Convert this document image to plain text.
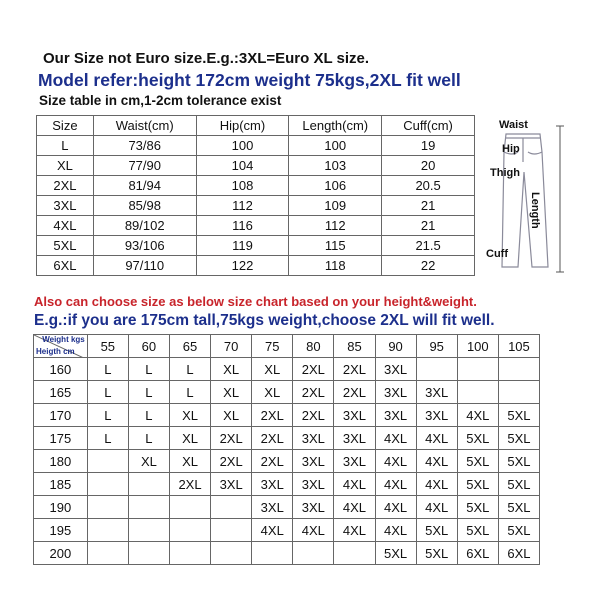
Our Size not Euro size.E.g.:3XL=Euro XL size.
Model refer:height 172cm weight 75kgs,2XL fit well
Size table in cm,1-2cm tolerance exist
Size	Waist(cm)	Hip(cm)	Length(cm)	Cuff(cm)
L	73/86	100	100	19
XL	77/90	104	103	20
2XL	81/94	108	106	20.5
3XL	85/98	112	109	21
4XL	89/102	116	112	21
5XL	93/106	119	115	21.5
6XL	97/110	122	118	22
Waist
Hip
Thigh
Cuff
Length
Also can choose size as below size chart based on your height&weight.
E.g.:if you are 175cm tall,75kgs weight,choose 2XL will fit well.
Weight kgs
Heigth cm	55	60	65	70	75	80	85	90	95	100	105
160	L	L	L	XL	XL	2XL	2XL	3XL			
165	L	L	L	XL	XL	2XL	2XL	3XL	3XL		
170	L	L	XL	XL	2XL	2XL	3XL	3XL	3XL	4XL	5XL
175	L	L	XL	2XL	2XL	3XL	3XL	4XL	4XL	5XL	5XL
180		XL	XL	2XL	2XL	3XL	3XL	4XL	4XL	5XL	5XL
185			2XL	3XL	3XL	3XL	4XL	4XL	4XL	5XL	5XL
190					3XL	3XL	4XL	4XL	4XL	5XL	5XL
195					4XL	4XL	4XL	4XL	5XL	5XL	5XL
200								5XL	5XL	6XL	6XL
